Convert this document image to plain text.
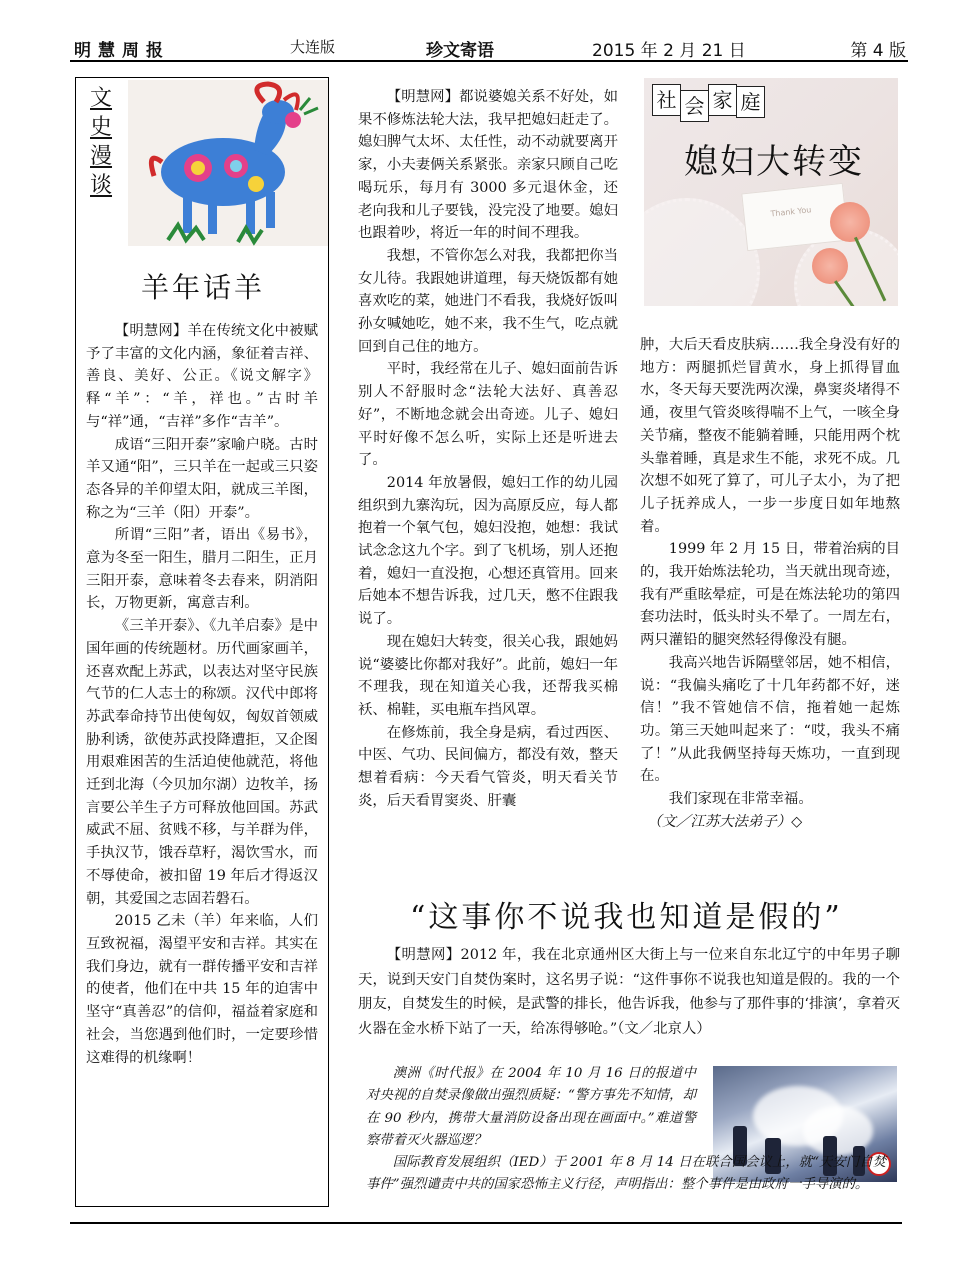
明慧周报	大连版	珍文寄语	2015 年 2 月 21 日	第 4 版
文
史
漫
谈
羊年话羊

【明慧网】羊在传统文化中被赋予了丰富的文化内涵，象征着吉祥、善良、美好、公正。《说文解字》释“羊”：“羊，祥也。”古时羊与“祥”通，“吉祥”多作“吉羊”。

成语“三阳开泰”家喻户晓。古时羊又通“阳”，三只羊在一起或三只姿态各异的羊仰望太阳，就成三羊图，称之为“三羊（阳）开泰”。

所谓“三阳”者，语出《易书》，意为冬至一阳生，腊月二阳生，正月三阳开泰，意味着冬去春来，阴消阳长，万物更新，寓意吉利。

《三羊开泰》、《九羊启泰》是中国年画的传统题材。历代画家画羊，还喜欢配上苏武，以表达对坚守民族气节的仁人志士的称颂。汉代中郎将苏武奉命持节出使匈奴，匈奴首领威胁利诱，欲使苏武投降遭拒，又企图用艰难困苦的生活迫使他就范，将他迁到北海（今贝加尔湖）边牧羊，扬言要公羊生子方可释放他回国。苏武威武不屈、贫贱不移，与羊群为伴，手执汉节，饿吞草籽，渴饮雪水，而不辱使命，被扣留 19 年后才得返汉朝，其爱国之志固若磐石。

2015 乙未（羊）年来临，人们互致祝福，渴望平安和吉祥。其实在我们身边，就有一群传播平安和吉祥的使者，他们在中共 15 年的迫害中坚守“真善忍”的信仰，福益着家庭和社会，当您遇到他们时，一定要珍惜这难得的机缘啊！

【明慧网】都说婆媳关系不好处，如果不修炼法轮大法，我早把媳妇赶走了。媳妇脾气太坏、太任性，动不动就要离开家，小夫妻俩关系紧张。亲家只顾自己吃喝玩乐，每月有 3000 多元退休金，还老向我和儿子要钱，没完没了地要。媳妇也跟着吵，将近一年的时间不理我。

我想，不管你怎么对我，我都把你当女儿待。我跟她讲道理，每天烧饭都有她喜欢吃的菜，她进门不看我，我烧好饭叫孙女喊她吃，她不来，我不生气，吃点就回到自己住的地方。

平时，我经常在儿子、媳妇面前告诉别人不舒服时念“法轮大法好、真善忍好”，不断地念就会出奇迹。儿子、媳妇平时好像不怎么听，实际上还是听进去了。

2014 年放暑假，媳妇工作的幼儿园组织到九寨沟玩，因为高原反应，每人都抱着一个氧气包，媳妇没抱，她想：我试试念念这九个字。到了飞机场，别人还抱着，媳妇一直没抱，心想还真管用。回来后她本不想告诉我，过几天，憋不住跟我说了。

现在媳妇大转变，很关心我，跟她妈说“婆婆比你都对我好”。此前，媳妇一年不理我，现在知道关心我，还帮我买棉袄、棉鞋，买电瓶车挡风罩。

在修炼前，我全身是病，看过西医、中医、气功、民间偏方，都没有效，整天想着看病：今天看气管炎，明天看关节炎，后天看胃窦炎、肝囊

Thank You
社 会 家 庭
媳妇大转变

肿，大后天看皮肤病……我全身没有好的地方：两腿抓烂冒黄水，身上抓得冒血水，冬天每天要洗两次澡，鼻窦炎堵得不通，夜里气管炎咳得喘不上气，一咳全身关节痛，整夜不能躺着睡，只能用两个枕头靠着睡，真是求生不能，求死不成。几次想不如死了算了，可儿子太小，为了把儿子抚养成人，一步一步度日如年地熬着。

1999 年 2 月 15 日，带着治病的目的，我开始炼法轮功，当天就出现奇迹，我有严重眩晕症，可是在炼法轮功的第四套功法时，低头时头不晕了。一周左右，两只灌铅的腿突然轻得像没有腿。

我高兴地告诉隔壁邻居，她不相信，说：“我偏头痛吃了十几年药都不好，迷信！”我不管她信不信，拖着她一起炼功。第三天她叫起来了：“哎，我头不痛了！”从此我俩坚持每天炼功，一直到现在。

我们家现在非常幸福。

（文／江苏大法弟子）◇

“这事你不说我也知道是假的”

【明慧网】2012 年，我在北京通州区大街上与一位来自东北辽宁的中年男子聊天，说到天安门自焚伪案时，这名男子说：“这件事你不说我也知道是假的。我的一个朋友，自焚发生的时候，是武警的排长，他告诉我，他参与了那件事的‘排演’，拿着灭火器在金水桥下站了一天，给冻得够呛。”（文／北京人）

澳洲《时代报》在 2004 年 10 月 16 日的报道中对央视的自焚录像做出强烈质疑：“警方事先不知情，却在 90 秒内，携带大量消防设备出现在画面中。”难道警察带着灭火器巡逻？

国际教育发展组织（IED）于 2001 年 8 月 14 日在联合国会议上，就“天安门自焚事件”强烈谴责中共的国家恐怖主义行径，声明指出：整个事件是由政府一手导演的。
